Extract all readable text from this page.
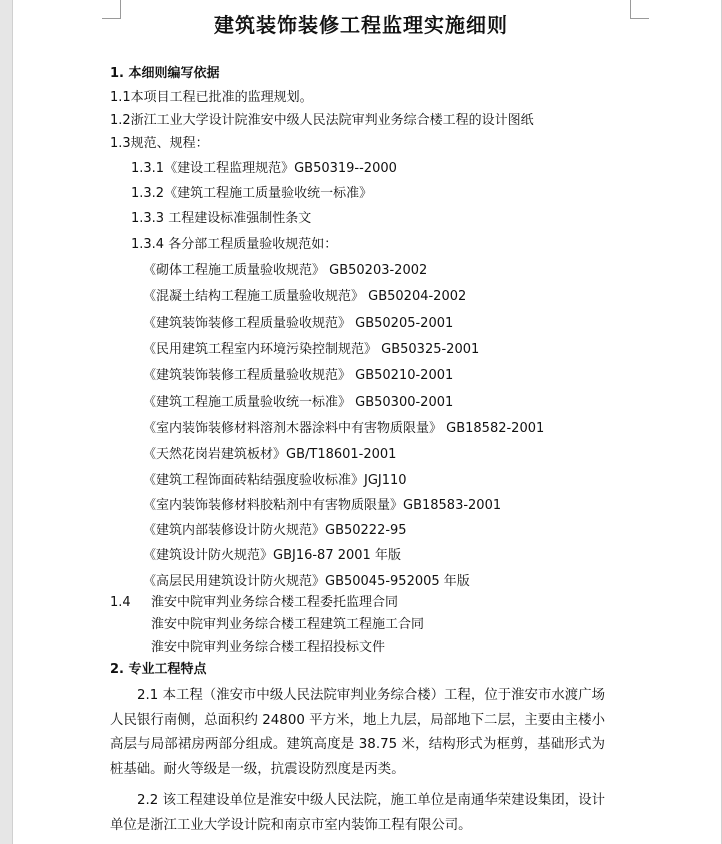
建筑装饰装修工程监理实施细则
1. 本细则编写依据
1.1本项目工程已批准的监理规划。
1.2浙江工业大学设计院淮安中级人民法院审判业务综合楼工程的设计图纸
1.3规范、规程：
1.3.1《建设工程监理规范》GB50319--2000
1.3.2《建筑工程施工质量验收统一标准》
1.3.3 工程建设标准强制性条文
1.3.4 各分部工程质量验收规范如：
《砌体工程施工质量验收规范》 GB50203-2002
《混凝土结构工程施工质量验收规范》 GB50204-2002
《建筑装饰装修工程质量验收规范》 GB50205-2001
《民用建筑工程室内环境污染控制规范》 GB50325-2001
《建筑装饰装修工程质量验收规范》 GB50210-2001
《建筑工程施工质量验收统一标准》 GB50300-2001
《室内装饰装修材料溶剂木器涂料中有害物质限量》 GB18582-2001
《天然花岗岩建筑板材》GB/T18601-2001
《建筑工程饰面砖粘结强度验收标准》JGJ110
《室内装饰装修材料胶粘剂中有害物质限量》GB18583-2001
《建筑内部装修设计防火规范》GB50222-95
《建筑设计防火规范》GBJ16-87 2001 年版
《高层民用建筑设计防火规范》GB50045-952005 年版
1.4 淮安中院审判业务综合楼工程委托监理合同
淮安中院审判业务综合楼工程建筑工程施工合同
淮安中院审判业务综合楼工程招投标文件
2. 专业工程特点
2.1 本工程（淮安市中级人民法院审判业务综合楼）工程，位于淮安市水渡广场人民银行南侧，总面积约 24800 平方米，地上九层，局部地下二层，主要由主楼小高层与局部裙房两部分组成。建筑高度是 38.75 米，结构形式为框剪，基础形式为桩基础。耐火等级是一级，抗震设防烈度是丙类。
2.2 该工程建设单位是淮安中级人民法院，施工单位是南通华荣建设集团，设计单位是浙江工业大学设计院和南京市室内装饰工程有限公司。
